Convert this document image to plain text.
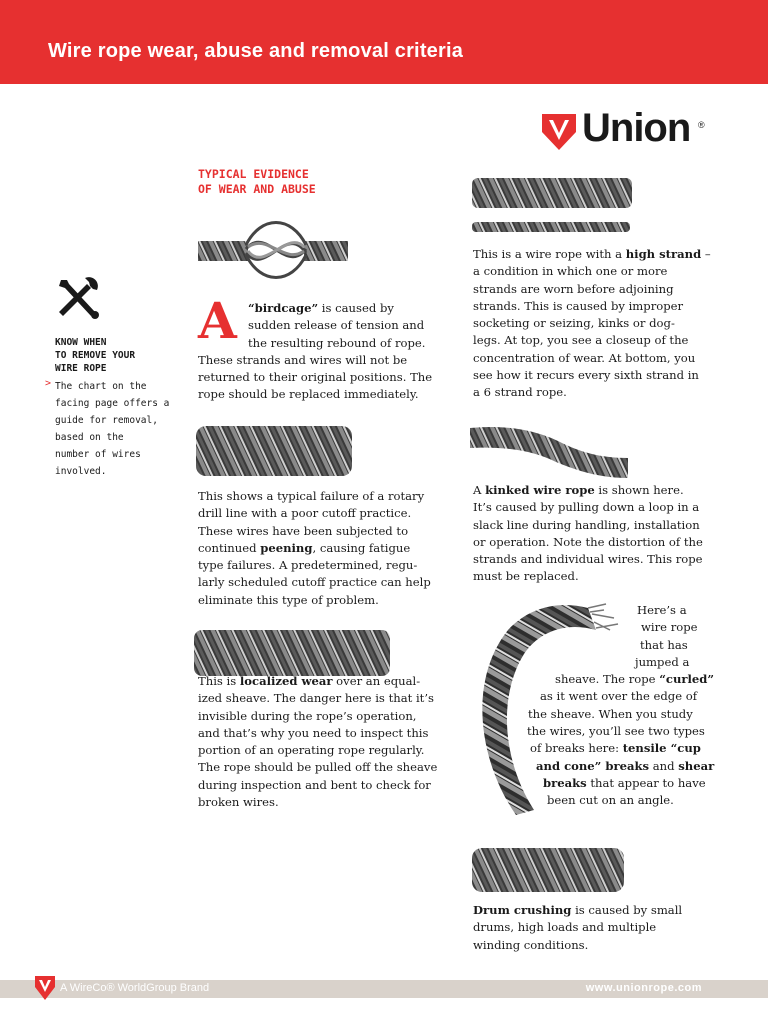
Wire rope wear, abuse and removal criteria
Union ®
TYPICAL EVIDENCE
OF WEAR AND ABUSE
KNOW WHEN
TO REMOVE YOUR
WIRE ROPE
> The chart on the
facing page offers a
guide for removal,
based on the
number of wires
involved.
A “birdcage” is caused by
sudden release of tension and
the resulting rebound of rope.
These strands and wires will not be
returned to their original positions. The
rope should be replaced immediately.
This shows a typical failure of a rotary
drill line with a poor cutoff practice.
These wires have been subjected to
continued peening, causing fatigue
type failures. A predetermined, regu-
larly scheduled cutoff practice can help
eliminate this type of problem.
This is localized wear over an equal-
ized sheave. The danger here is that it’s
invisible during the rope’s operation,
and that’s why you need to inspect this
portion of an operating rope regularly.
The rope should be pulled off the sheave
during inspection and bent to check for
broken wires.
This is a wire rope with a high strand –
a condition in which one or more
strands are worn before adjoining
strands. This is caused by improper
socketing or seizing, kinks or dog-
legs. At top, you see a closeup of the
concentration of wear. At bottom, you
see how it recurs every sixth strand in
a 6 strand rope.
A kinked wire rope is shown here.
It’s caused by pulling down a loop in a
slack line during handling, installation
or operation. Note the distortion of the
strands and individual wires. This rope
must be replaced.
Here’s a
wire rope
that has
jumped a
sheave. The rope “curled”
as it went over the edge of
the sheave. When you study
the wires, you’ll see two types
of breaks here: tensile “cup
and cone” breaks and shear
breaks that appear to have
been cut on an angle.
Drum crushing is caused by small
drums, high loads and multiple
winding conditions.
A WireCo® WorldGroup Brand	www.unionrope.com
